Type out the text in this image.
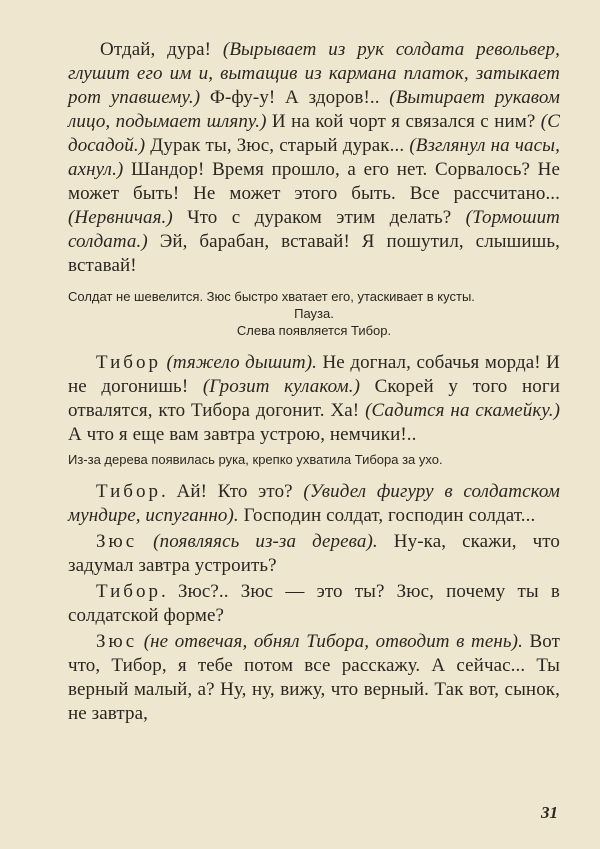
Отдай, дура! (Вырывает из рук солдата револьвер, глушит его им и, вытащив из кармана платок, затыкает рот упавшему.) Ф-фу-у! А здоров!.. (Вытирает рукавом лицо, подымает шляпу.) И на кой чорт я связался с ним? (С досадой.) Дурак ты, Зюс, старый дурак... (Взглянул на часы, ахнул.) Шандор! Время прошло, а его нет. Сорвалось? Не может быть! Не может этого быть. Все рассчитано... (Нервничая.) Что с дураком этим делать? (Тормошит солдата.) Эй, барабан, вставай! Я пошутил, слышишь, вставай!

Солдат не шевелится. Зюс быстро хватает его, утаскивает в кусты.

Пауза.

Слева появляется Тибор.

Тибор (тяжело дышит). Не догнал, собачья морда! И не догонишь! (Грозит кулаком.) Скорей у того ноги отвалятся, кто Тибора догонит. Ха! (Садится на скамейку.) А что я еще вам завтра устрою, немчики!..

Из-за дерева появилась рука, крепко ухватила Тибора за ухо.

Тибор. Ай! Кто это? (Увидел фигуру в солдатском мундире, испуганно). Господин солдат, господин солдат...

Зюс (появляясь из-за дерева). Ну-ка, скажи, что задумал завтра устроить?

Тибор. Зюс?.. Зюс — это ты? Зюс, почему ты в солдатской форме?

Зюс (не отвечая, обнял Тибора, отводит в тень). Вот что, Тибор, я тебе потом все расскажу. А сейчас... Ты верный малый, а? Ну, ну, вижу, что верный. Так вот, сынок, не завтра,

31
